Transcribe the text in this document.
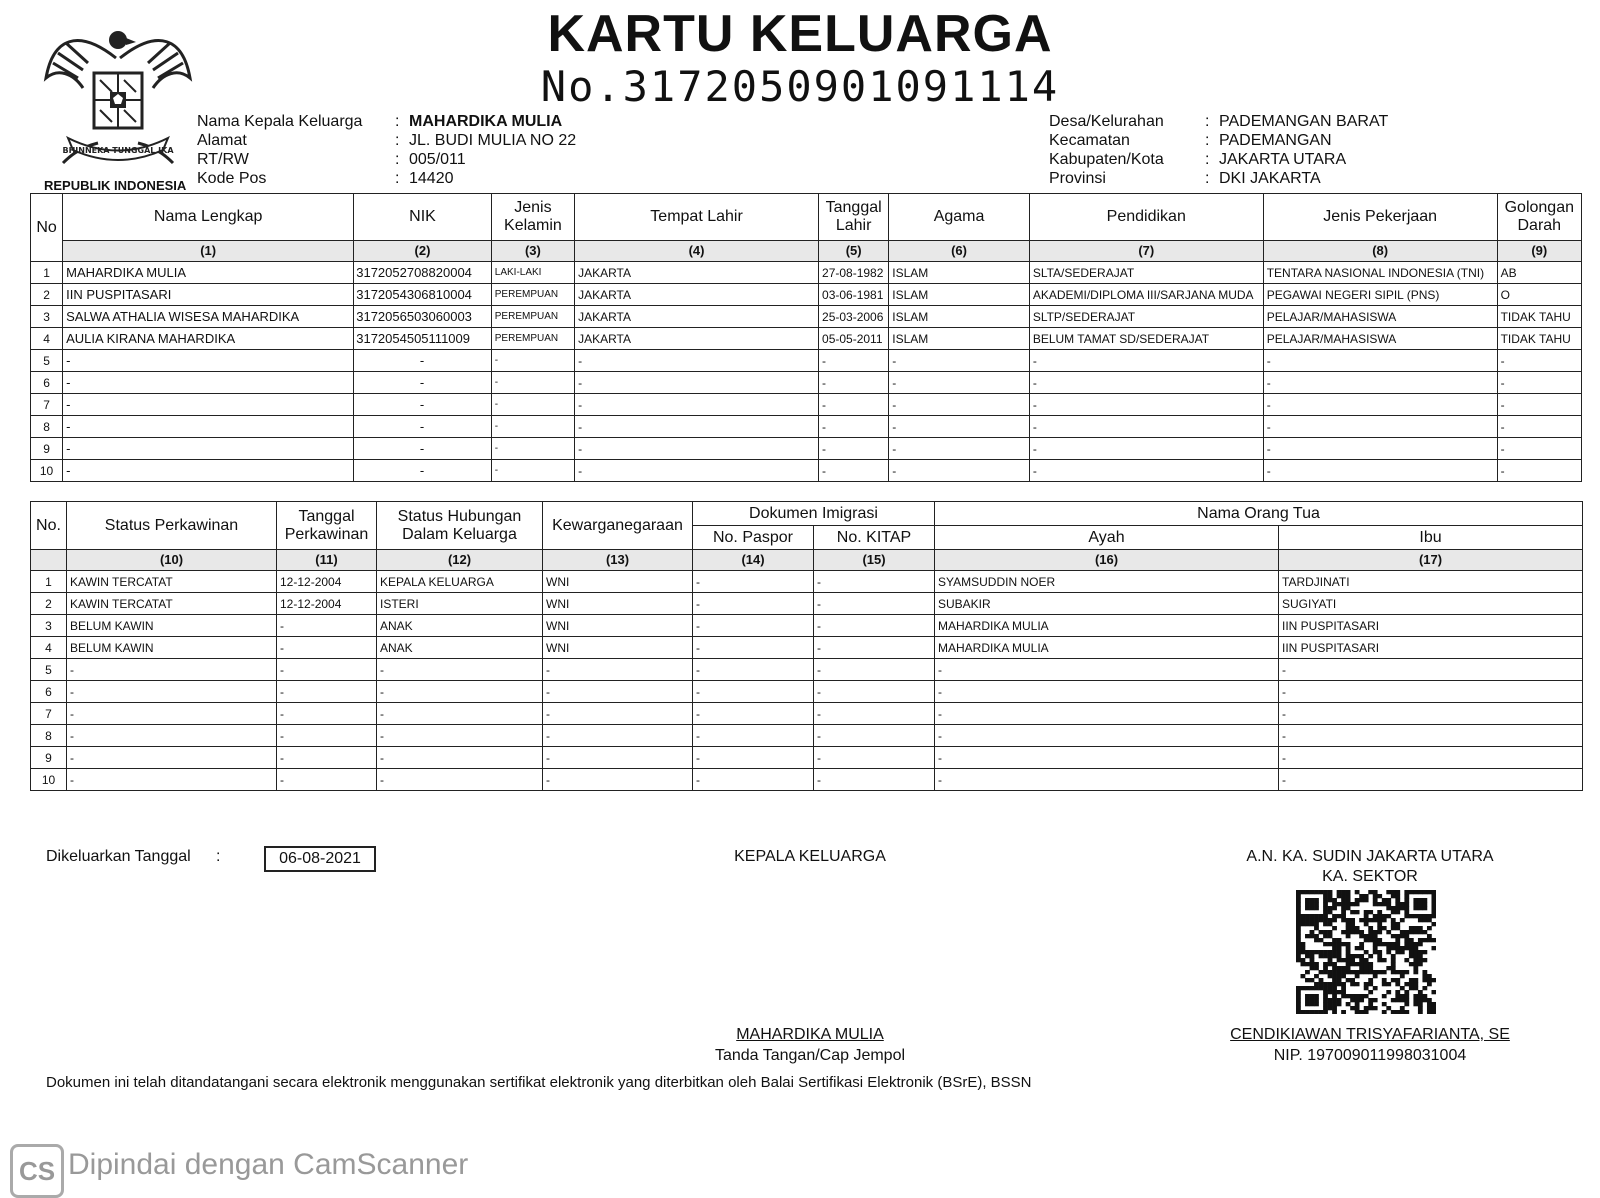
BHINNEKA TUNGGAL IKA
REPUBLIK INDONESIA
KARTU KELUARGA
No.3172050901091114
Nama Kepala Keluarga	:	MAHARDIKA MULIA
Alamat	:	JL. BUDI MULIA NO 22
RT/RW	:	005/011
Kode Pos	:	14420
Desa/Kelurahan	:	PADEMANGAN BARAT
Kecamatan	:	PADEMANGAN
Kabupaten/Kota	:	JAKARTA UTARA
Provinsi	:	DKI JAKARTA
No	Nama Lengkap	NIK	Jenis Kelamin	Tempat Lahir	Tanggal Lahir	Agama	Pendidikan	Jenis Pekerjaan	Golongan Darah
	(1)	(2)	(3)	(4)	(5)	(6)	(7)	(8)	(9)
1	MAHARDIKA MULIA	3172052708820004	LAKI-LAKI	JAKARTA	27-08-1982	ISLAM	SLTA/SEDERAJAT	TENTARA NASIONAL INDONESIA (TNI)	AB
2	IIN PUSPITASARI	3172054306810004	PEREMPUAN	JAKARTA	03-06-1981	ISLAM	AKADEMI/DIPLOMA III/SARJANA MUDA	PEGAWAI NEGERI SIPIL (PNS)	O
3	SALWA ATHALIA WISESA MAHARDIKA	3172056503060003	PEREMPUAN	JAKARTA	25-03-2006	ISLAM	SLTP/SEDERAJAT	PELAJAR/MAHASISWA	TIDAK TAHU
4	AULIA KIRANA MAHARDIKA	3172054505111009	PEREMPUAN	JAKARTA	05-05-2011	ISLAM	BELUM TAMAT SD/SEDERAJAT	PELAJAR/MAHASISWA	TIDAK TAHU
5	-	-	-	-	-	-	-	-	-
6	-	-	-	-	-	-	-	-	-
7	-	-	-	-	-	-	-	-	-
8	-	-	-	-	-	-	-	-	-
9	-	-	-	-	-	-	-	-	-
10	-	-	-	-	-	-	-	-	-
No.	Status Perkawinan	Tanggal Perkawinan	Status Hubungan Dalam Keluarga	Kewarganegaraan	Dokumen Imigrasi		Nama Orang Tua	
					No. Paspor	No. KITAP	Ayah	Ibu
	(10)	(11)	(12)	(13)	(14)	(15)	(16)	(17)
1	KAWIN TERCATAT	12-12-2004	KEPALA KELUARGA	WNI	-	-	SYAMSUDDIN NOER	TARDJINATI
2	KAWIN TERCATAT	12-12-2004	ISTERI	WNI	-	-	SUBAKIR	SUGIYATI
3	BELUM KAWIN	-	ANAK	WNI	-	-	MAHARDIKA MULIA	IIN PUSPITASARI
4	BELUM KAWIN	-	ANAK	WNI	-	-	MAHARDIKA MULIA	IIN PUSPITASARI
5	-	-	-	-	-	-	-	-
6	-	-	-	-	-	-	-	-
7	-	-	-	-	-	-	-	-
8	-	-	-	-	-	-	-	-
9	-	-	-	-	-	-	-	-
10	-	-	-	-	-	-	-	-
Dikeluarkan Tanggal :	06-08-2021	KEPALA KELUARGA
MAHARDIKA MULIA
Tanda Tangan/Cap Jempol
A.N. KA. SUDIN JAKARTA UTARA
KA. SEKTOR
CENDIKIAWAN TRISYAFARIANTA, SE
NIP. 197009011998031004
Dokumen ini telah ditandatangani secara elektronik menggunakan sertifikat elektronik yang diterbitkan oleh Balai Sertifikasi Elektronik (BSrE), BSSN
CS Dipindai dengan CamScanner
